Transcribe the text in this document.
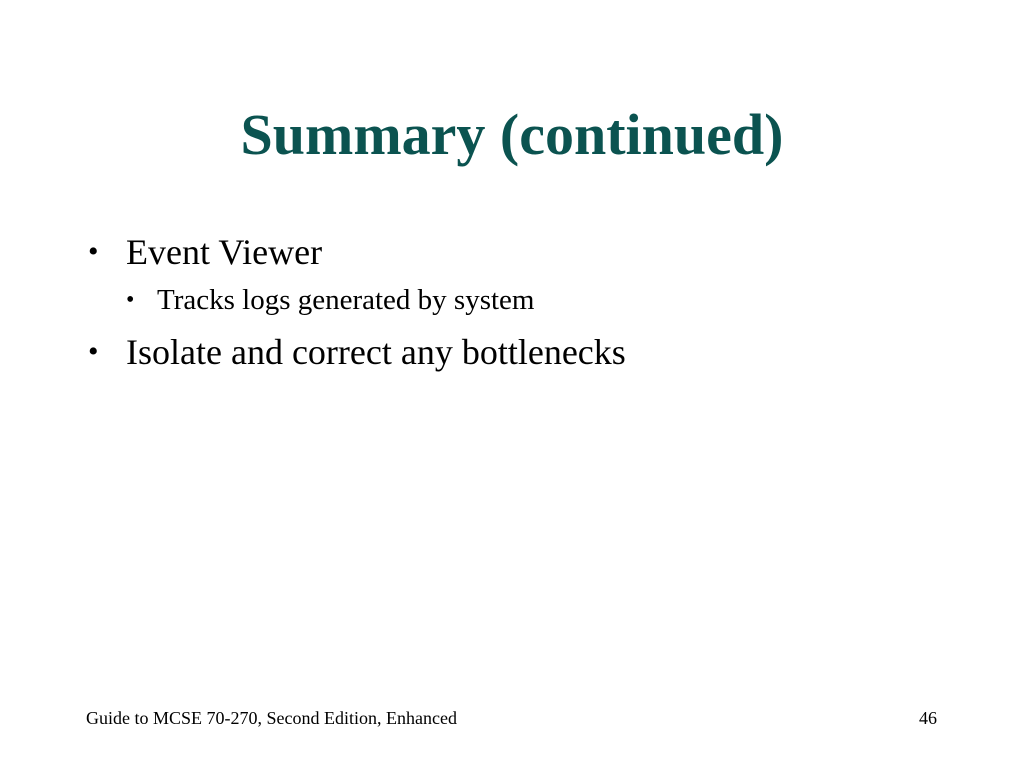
Summary (continued)
• Event Viewer
• Tracks logs generated by system
• Isolate and correct any bottlenecks
Guide to MCSE 70-270, Second Edition, Enhanced	46
